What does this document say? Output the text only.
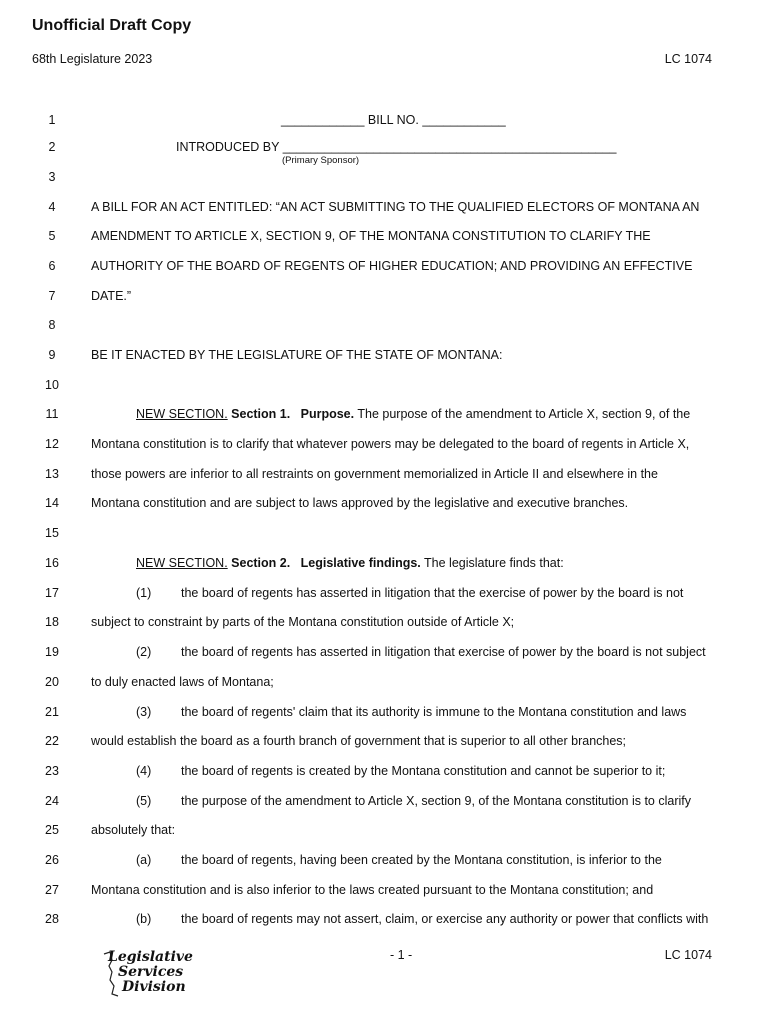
Unofficial Draft Copy
68th Legislature 2023	LC 1074
1	____________ BILL NO. ____________
2	INTRODUCED BY ________________________________________________
3
4	A BILL FOR AN ACT ENTITLED: “AN ACT SUBMITTING TO THE QUALIFIED ELECTORS OF MONTANA AN
5	AMENDMENT TO ARTICLE X, SECTION 9, OF THE MONTANA CONSTITUTION TO CLARIFY THE
6	AUTHORITY OF THE BOARD OF REGENTS OF HIGHER EDUCATION; AND PROVIDING AN EFFECTIVE
7	DATE.”
8
9	BE IT ENACTED BY THE LEGISLATURE OF THE STATE OF MONTANA:
10
11	NEW SECTION. Section 1. Purpose. The purpose of the amendment to Article X, section 9, of the
12	Montana constitution is to clarify that whatever powers may be delegated to the board of regents in Article X,
13	those powers are inferior to all restraints on government memorialized in Article II and elsewhere in the
14	Montana constitution and are subject to laws approved by the legislative and executive branches.
15
16	NEW SECTION. Section 2. Legislative findings. The legislature finds that:
17	(1) the board of regents has asserted in litigation that the exercise of power by the board is not
18	subject to constraint by parts of the Montana constitution outside of Article X;
19	(2) the board of regents has asserted in litigation that exercise of power by the board is not subject
20	to duly enacted laws of Montana;
21	(3) the board of regents' claim that its authority is immune to the Montana constitution and laws
22	would establish the board as a fourth branch of government that is superior to all other branches;
23	(4) the board of regents is created by the Montana constitution and cannot be superior to it;
24	(5) the purpose of the amendment to Article X, section 9, of the Montana constitution is to clarify
25	absolutely that:
26	(a) the board of regents, having been created by the Montana constitution, is inferior to the
27	Montana constitution and is also inferior to the laws created pursuant to the Montana constitution; and
28	(b) the board of regents may not assert, claim, or exercise any authority or power that conflicts with
(Primary Sponsor)
Legislative
Services
Division
- 1 -	LC 1074
